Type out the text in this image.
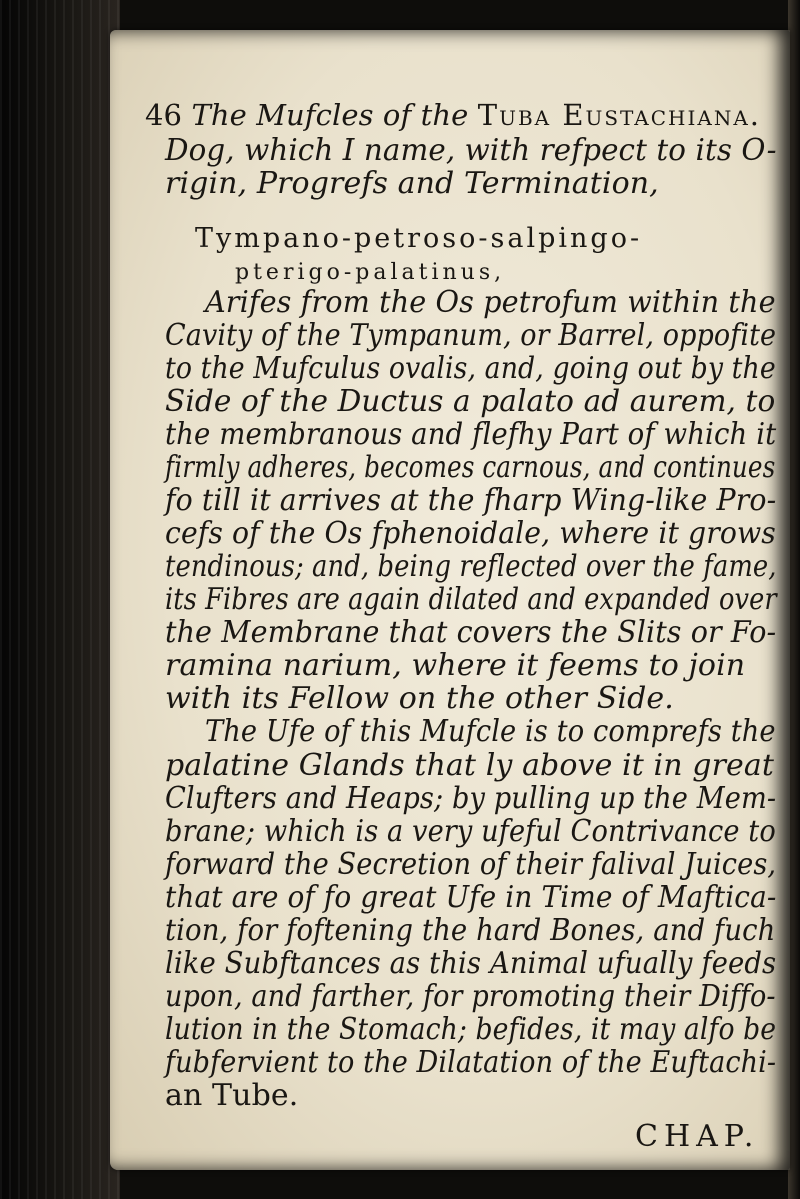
46 The Mufcles of the Tuba Eustachiana.
Dog, which I name, with refpect to its O-
rigin, Progrefs and Termination,
Tympano-petroso-salpingo-
pterigo-palatinus,
Arifes from the Os petrofum within the
Cavity of the Tympanum, or Barrel, oppofite
to the Mufculus ovalis, and, going out by the
Side of the Ductus a palato ad aurem, to
the membranous and flefhy Part of which it
firmly adheres, becomes carnous, and continues
fo till it arrives at the fharp Wing-like Pro-
cefs of the Os fphenoidale, where it grows
tendinous; and, being reflected over the fame,
its Fibres are again dilated and expanded over
the Membrane that covers the Slits or Fo-
ramina narium, where it feems to join
with its Fellow on the other Side.
The Ufe of this Mufcle is to comprefs the
palatine Glands that ly above it in great
Clufters and Heaps; by pulling up the Mem-
brane; which is a very ufeful Contrivance to
forward the Secretion of their falival Juices,
that are of fo great Ufe in Time of Maftica-
tion, for foftening the hard Bones, and fuch
like Subftances as this Animal ufually feeds
upon, and farther, for promoting their Diffo-
lution in the Stomach; befides, it may alfo be
fubfervient to the Dilatation of the Euftachi-
an Tube.
CHAP.
